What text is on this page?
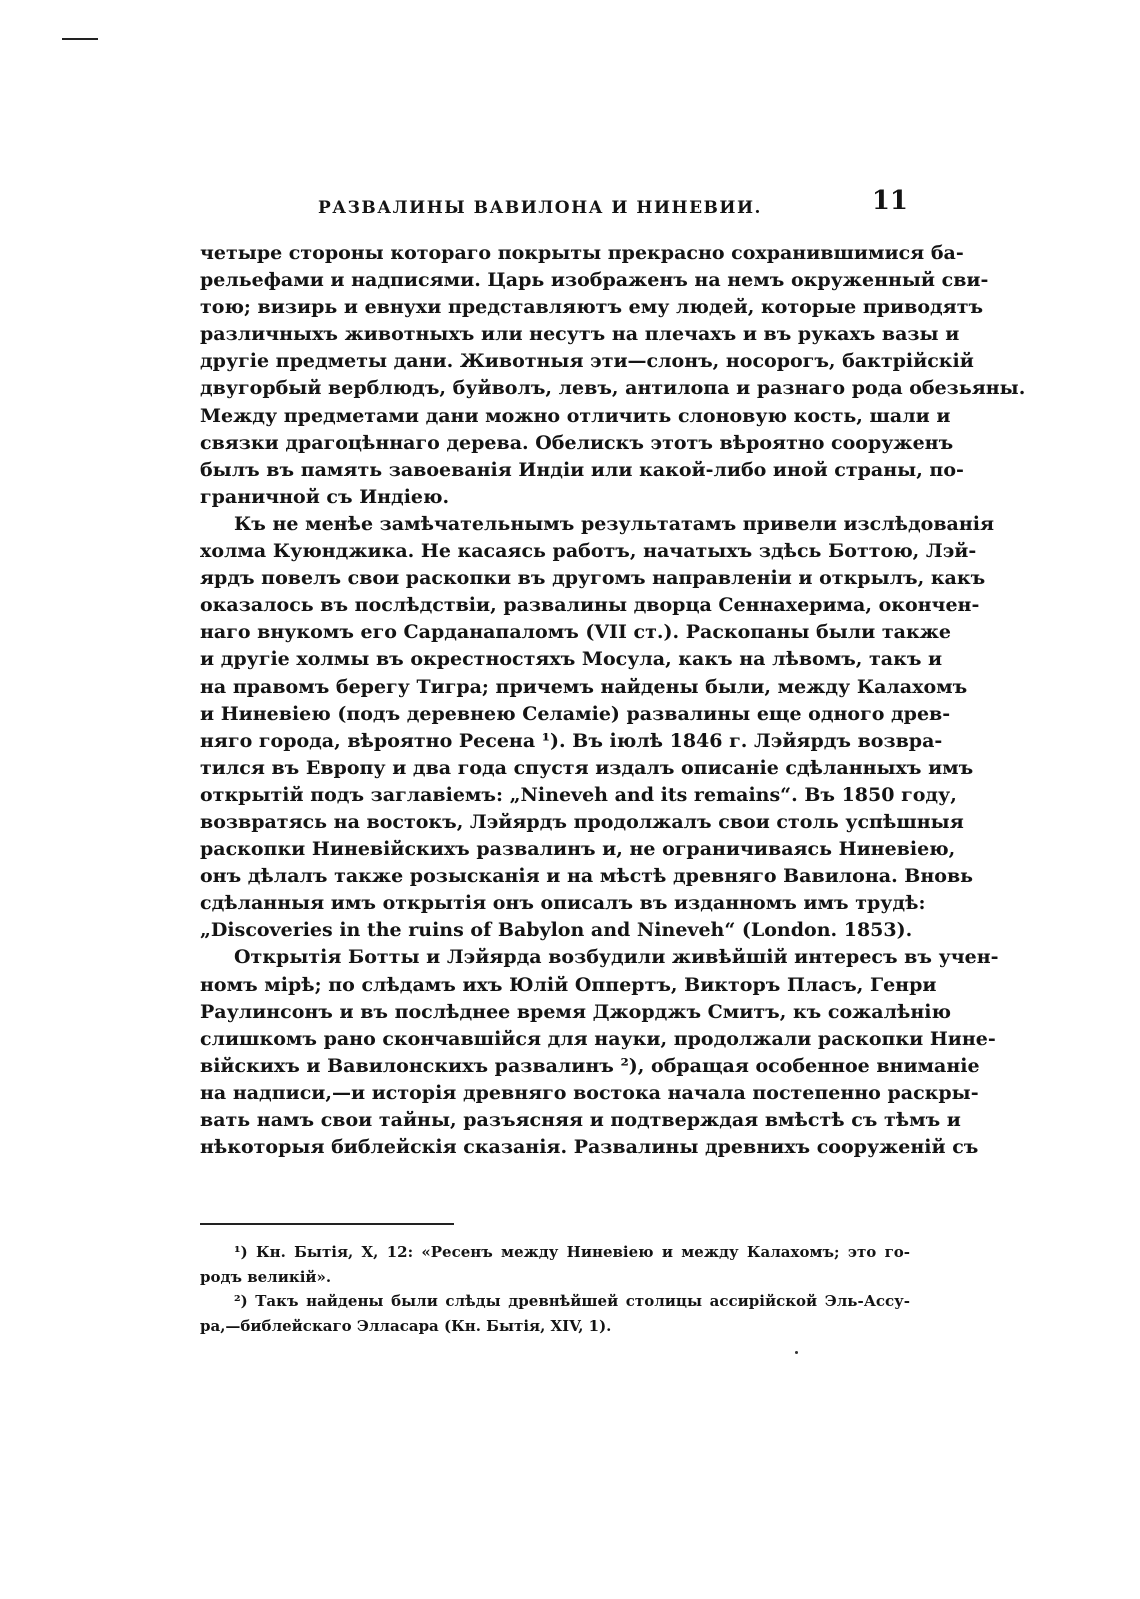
РАЗВАЛИНЫ ВАВИЛОНА И НИНЕВИИ.	11
четыре стороны котораго покрыты прекрасно сохранившимися ба-
рельефами и надписями. Царь изображенъ на немъ окруженный сви-
тою; визирь и евнухи представляютъ ему людей, которые приводятъ
различныхъ животныхъ или несутъ на плечахъ и въ рукахъ вазы и
другіе предметы дани. Животныя эти—слонъ, носорогъ, бактрійскій
двугорбый верблюдъ, буйволъ, левъ, антилопа и разнаго рода обезьяны.
Между предметами дани можно отличить слоновую кость, шали и
связки драгоцѣннаго дерева. Обелискъ этотъ вѣроятно сооруженъ
былъ въ память завоеванія Индіи или какой-либо иной страны, по-
граничной съ Индіею.
Къ не менѣе замѣчательнымъ результатамъ привели изслѣдованія
холма Куюнджика. Не касаясь работъ, начатыхъ здѣсь Боттою, Лэй-
ярдъ повелъ свои раскопки въ другомъ направленіи и открылъ, какъ
оказалось въ послѣдствіи, развалины дворца Сеннахерима, окончен-
наго внукомъ его Сарданапаломъ (VII ст.). Раскопаны были также
и другіе холмы въ окрестностяхъ Мосула, какъ на лѣвомъ, такъ и
на правомъ берегу Тигра; причемъ найдены были, между Калахомъ
и Ниневіею (подъ деревнею Селаміе) развалины еще одного древ-
няго города, вѣроятно Ресена ¹). Въ іюлѣ 1846 г. Лэйярдъ возвра-
тился въ Европу и два года спустя издалъ описаніе сдѣланныхъ имъ
открытій подъ заглавіемъ: „Nineveh and its remains“. Въ 1850 году,
возвратясь на востокъ, Лэйярдъ продолжалъ свои столь успѣшныя
раскопки Ниневійскихъ развалинъ и, не ограничиваясь Ниневіею,
онъ дѣлалъ также розысканія и на мѣстѣ древняго Вавилона. Вновь
сдѣланныя имъ открытія онъ описалъ въ изданномъ имъ трудѣ:
„Discoveries in the ruins of Babylon and Nineveh“ (London. 1853).
Открытія Ботты и Лэйярда возбудили живѣйшій интересъ въ учен-
номъ мірѣ; по слѣдамъ ихъ Юлій Оппертъ, Викторъ Пласъ, Генри
Раулинсонъ и въ послѣднее время Джорджъ Смитъ, къ сожалѣнію
слишкомъ рано скончавшійся для науки, продолжали раскопки Нине-
війскихъ и Вавилонскихъ развалинъ ²), обращая особенное вниманіе
на надписи,—и исторія древняго востока начала постепенно раскры-
вать намъ свои тайны, разъясняя и подтверждая вмѣстѣ съ тѣмъ и
нѣкоторыя библейскія сказанія. Развалины древнихъ сооруженій съ
¹) Кн. Бытія, X, 12: «Ресенъ между Ниневіею и между Калахомъ; это го-
родъ великій».
²) Такъ найдены были слѣды древнѣйшей столицы ассирійской Эль-Ассу-
ра,—библейскаго Элласара (Кн. Бытія, XIV, 1).
